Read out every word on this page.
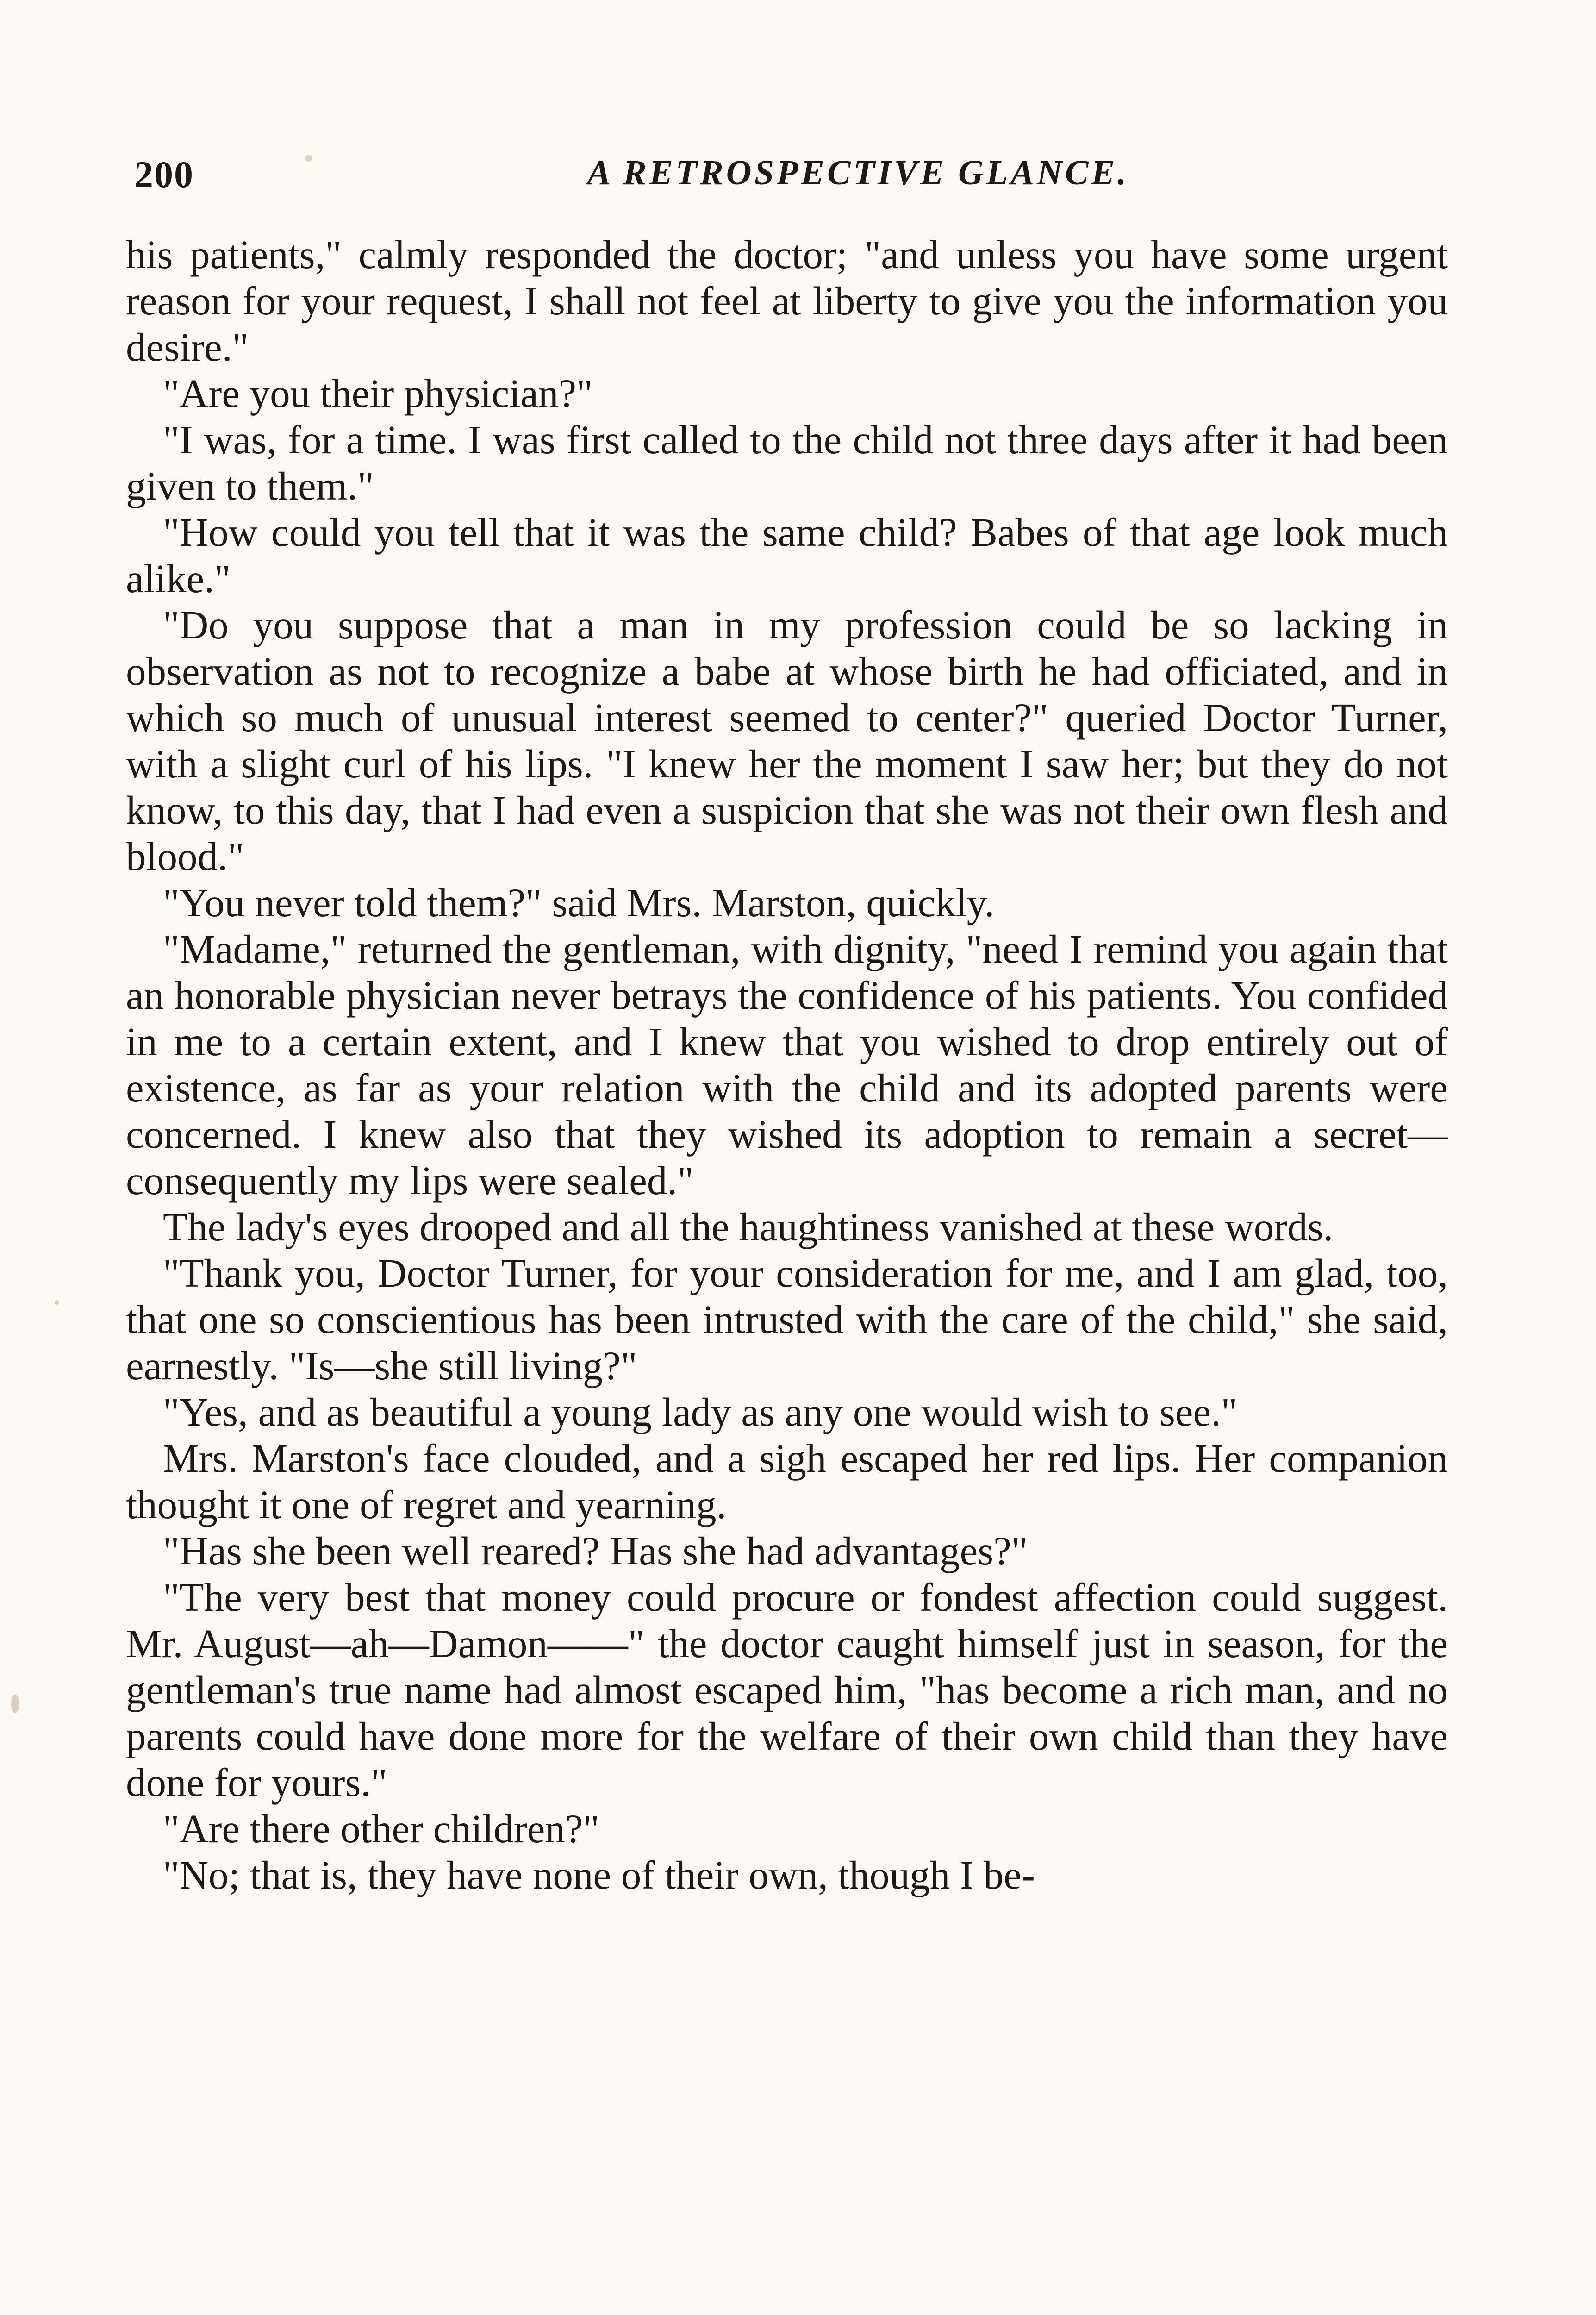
200	A RETROSPECTIVE GLANCE.

his patients," calmly responded the doctor; "and unless you have some urgent reason for your request, I shall not feel at liberty to give you the information you desire."

"Are you their physician?"

"I was, for a time. I was first called to the child not three days after it had been given to them."

"How could you tell that it was the same child? Babes of that age look much alike."

"Do you suppose that a man in my profession could be so lacking in observation as not to recognize a babe at whose birth he had officiated, and in which so much of unusual interest seemed to center?" queried Doctor Turner, with a slight curl of his lips. "I knew her the moment I saw her; but they do not know, to this day, that I had even a suspicion that she was not their own flesh and blood."

"You never told them?" said Mrs. Marston, quickly.

"Madame," returned the gentleman, with dignity, "need I remind you again that an honorable physician never betrays the confidence of his patients. You confided in me to a certain extent, and I knew that you wished to drop entirely out of existence, as far as your relation with the child and its adopted parents were concerned. I knew also that they wished its adoption to remain a secret—consequently my lips were sealed."

The lady's eyes drooped and all the haughtiness vanished at these words.

"Thank you, Doctor Turner, for your consideration for me, and I am glad, too, that one so conscientious has been intrusted with the care of the child," she said, earnestly. "Is—she still living?"

"Yes, and as beautiful a young lady as any one would wish to see."

Mrs. Marston's face clouded, and a sigh escaped her red lips. Her companion thought it one of regret and yearning.

"Has she been well reared? Has she had advantages?"

"The very best that money could procure or fondest affection could suggest. Mr. August—ah—Damon——" the doctor caught himself just in season, for the gentleman's true name had almost escaped him, "has become a rich man, and no parents could have done more for the welfare of their own child than they have done for yours."

"Are there other children?"

"No; that is, they have none of their own, though I be-
